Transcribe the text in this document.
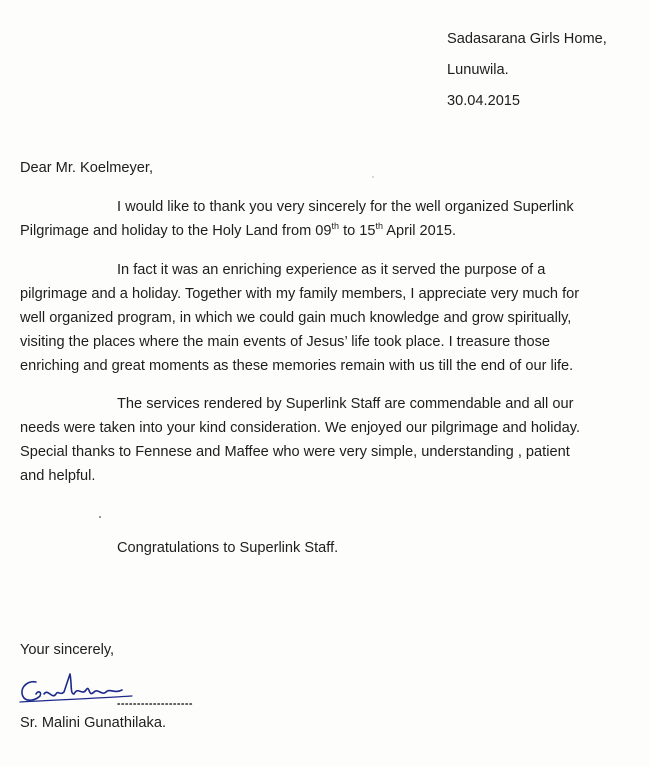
Sadasarana Girls Home,
Lunuwila.
30.04.2015
Dear Mr. Koelmeyer,
I would like to thank you very sincerely for the well organized Superlink
Pilgrimage and holiday to the Holy Land from 09th to 15th April 2015.
In fact it was an enriching experience as it served the purpose of a
pilgrimage and a holiday. Together with my family members, I appreciate very much for
well organized program, in which we could gain much knowledge and grow spiritually,
visiting the places where the main events of Jesus’ life took place. I treasure those
enriching and great moments as these memories remain with us till the end of our life.
The services rendered by Superlink Staff are commendable and all our
needs were taken into your kind consideration. We enjoyed our pilgrimage and holiday.
Special thanks to Fennese and Maffee who were very simple, understanding , patient
and helpful.
Congratulations to Superlink Staff.
Your sincerely,
Sr. Malini Gunathilaka.
